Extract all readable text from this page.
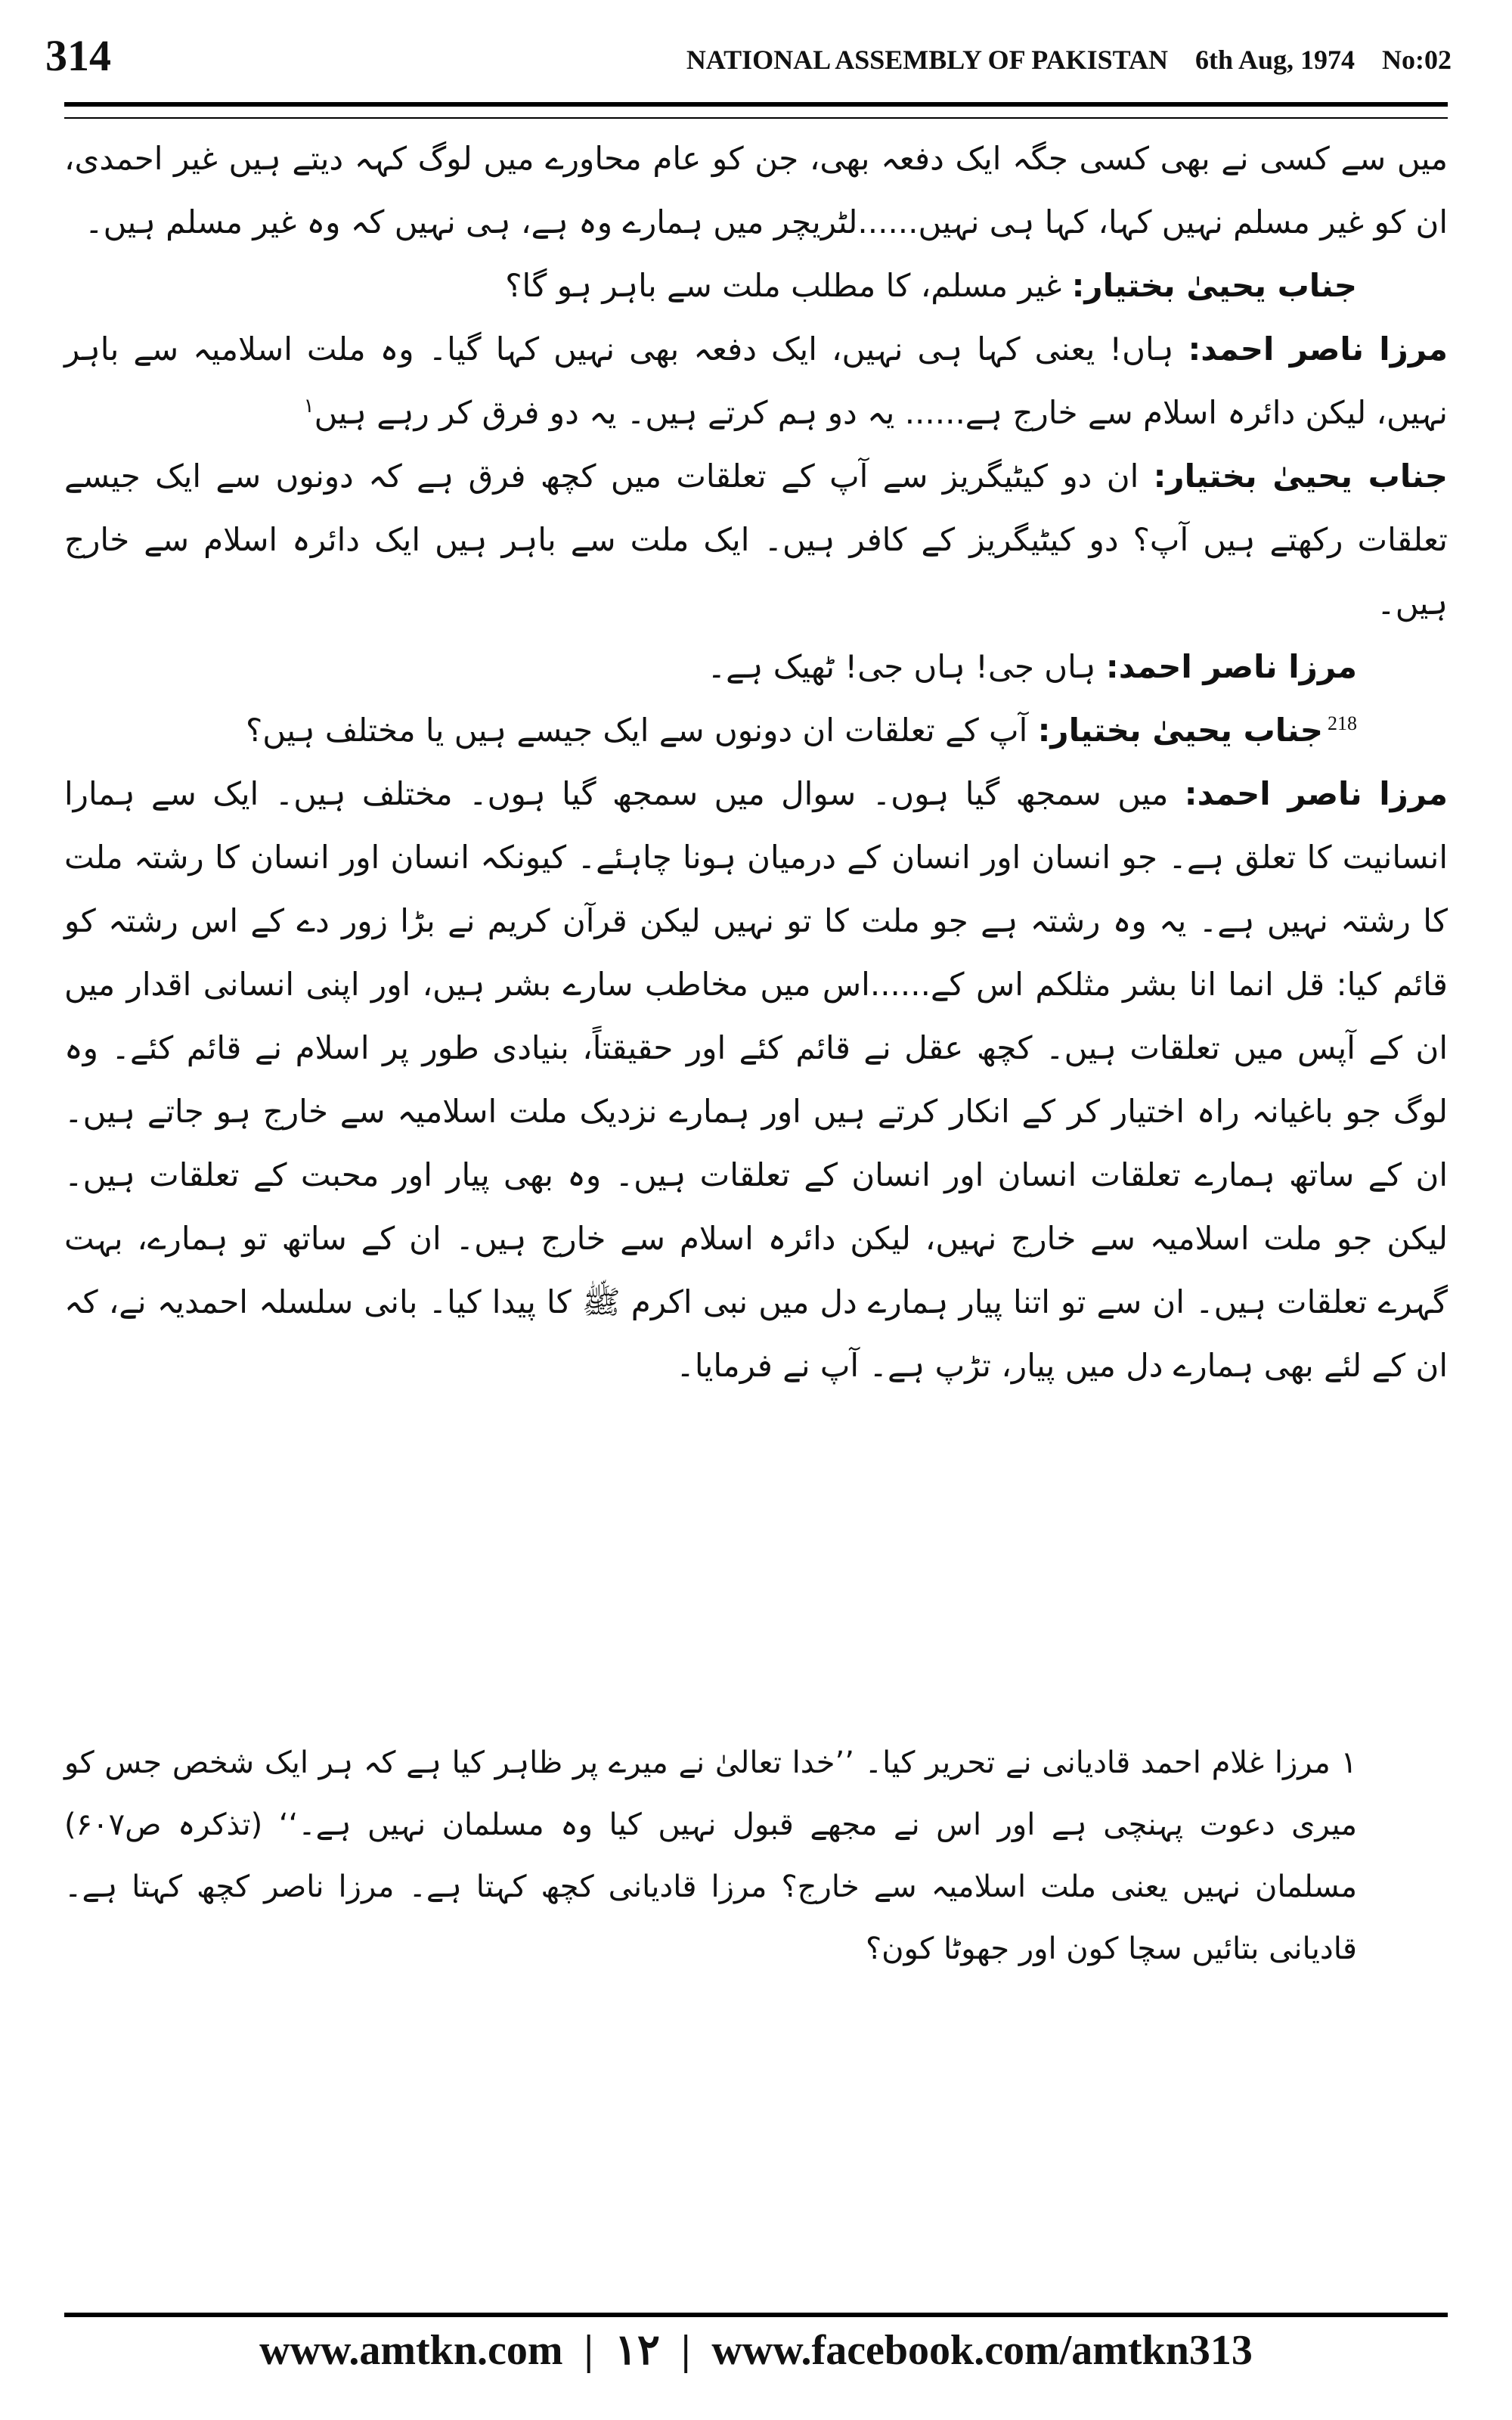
314	NATIONAL ASSEMBLY OF PAKISTAN 6th Aug, 1974 No:02

میں سے کسی نے بھی کسی جگہ ایک دفعہ بھی، جن کو عام محاورے میں لوگ کہہ دیتے ہیں غیر احمدی، ان کو غیر مسلم نہیں کہا، کہا ہی نہیں......لٹریچر میں ہمارے وہ ہے، ہی نہیں کہ وہ غیر مسلم ہیں۔

جناب یحییٰ بختیار: غیر مسلم، کا مطلب ملت سے باہر ہو گا؟

مرزا ناصر احمد: ہاں! یعنی کہا ہی نہیں، ایک دفعہ بھی نہیں کہا گیا۔ وہ ملت اسلامیہ سے باہر نہیں، لیکن دائرہ اسلام سے خارج ہے...... یہ دو ہم کرتے ہیں۔ یہ دو فرق کر رہے ہیں$^۱$

جناب یحییٰ بختیار: ان دو کیٹیگریز سے آپ کے تعلقات میں کچھ فرق ہے کہ دونوں سے ایک جیسے تعلقات رکھتے ہیں آپ؟ دو کیٹیگریز کے کافر ہیں۔ ایک ملت سے باہر ہیں ایک دائرہ اسلام سے خارج ہیں۔

مرزا ناصر احمد: ہاں جی! ہاں جی! ٹھیک ہے۔

$^{218}$جناب یحییٰ بختیار: آپ کے تعلقات ان دونوں سے ایک جیسے ہیں یا مختلف ہیں؟

مرزا ناصر احمد: میں سمجھ گیا ہوں۔ سوال میں سمجھ گیا ہوں۔ مختلف ہیں۔ ایک سے ہمارا انسانیت کا تعلق ہے۔ جو انسان اور انسان کے درمیان ہونا چاہئے۔ کیونکہ انسان اور انسان کا رشتہ ملت کا رشتہ نہیں ہے۔ یہ وہ رشتہ ہے جو ملت کا تو نہیں لیکن قرآن کریم نے بڑا زور دے کے اس رشتہ کو قائم کیا: قل انما انا بشر مثلکم اس کے......اس میں مخاطب سارے بشر ہیں، اور اپنی انسانی اقدار میں ان کے آپس میں تعلقات ہیں۔ کچھ عقل نے قائم کئے اور حقیقتاً، بنیادی طور پر اسلام نے قائم کئے۔ وہ لوگ جو باغیانہ راہ اختیار کر کے انکار کرتے ہیں اور ہمارے نزدیک ملت اسلامیہ سے خارج ہو جاتے ہیں۔ ان کے ساتھ ہمارے تعلقات انسان اور انسان کے تعلقات ہیں۔ وہ بھی پیار اور محبت کے تعلقات ہیں۔ لیکن جو ملت اسلامیہ سے خارج نہیں، لیکن دائرہ اسلام سے خارج ہیں۔ ان کے ساتھ تو ہمارے، بہت گہرے تعلقات ہیں۔ ان سے تو اتنا پیار ہمارے دل میں نبی اکرم ﷺ کا پیدا کیا۔ بانی سلسلہ احمدیہ نے، کہ ان کے لئے بھی ہمارے دل میں پیار، تڑپ ہے۔ آپ نے فرمایا۔

۱ مرزا غلام احمد قادیانی نے تحریر کیا۔ ’’خدا تعالیٰ نے میرے پر ظاہر کیا ہے کہ ہر ایک شخص جس کو میری دعوت پہنچی ہے اور اس نے مجھے قبول نہیں کیا وہ مسلمان نہیں ہے۔‘‘ (تذکرہ ص۶۰۷) مسلمان نہیں یعنی ملت اسلامیہ سے خارج؟ مرزا قادیانی کچھ کہتا ہے۔ مرزا ناصر کچھ کہتا ہے۔ قادیانی بتائیں سچا کون اور جھوٹا کون؟

www.amtkn.com | ۱۲ | www.facebook.com/amtkn313
